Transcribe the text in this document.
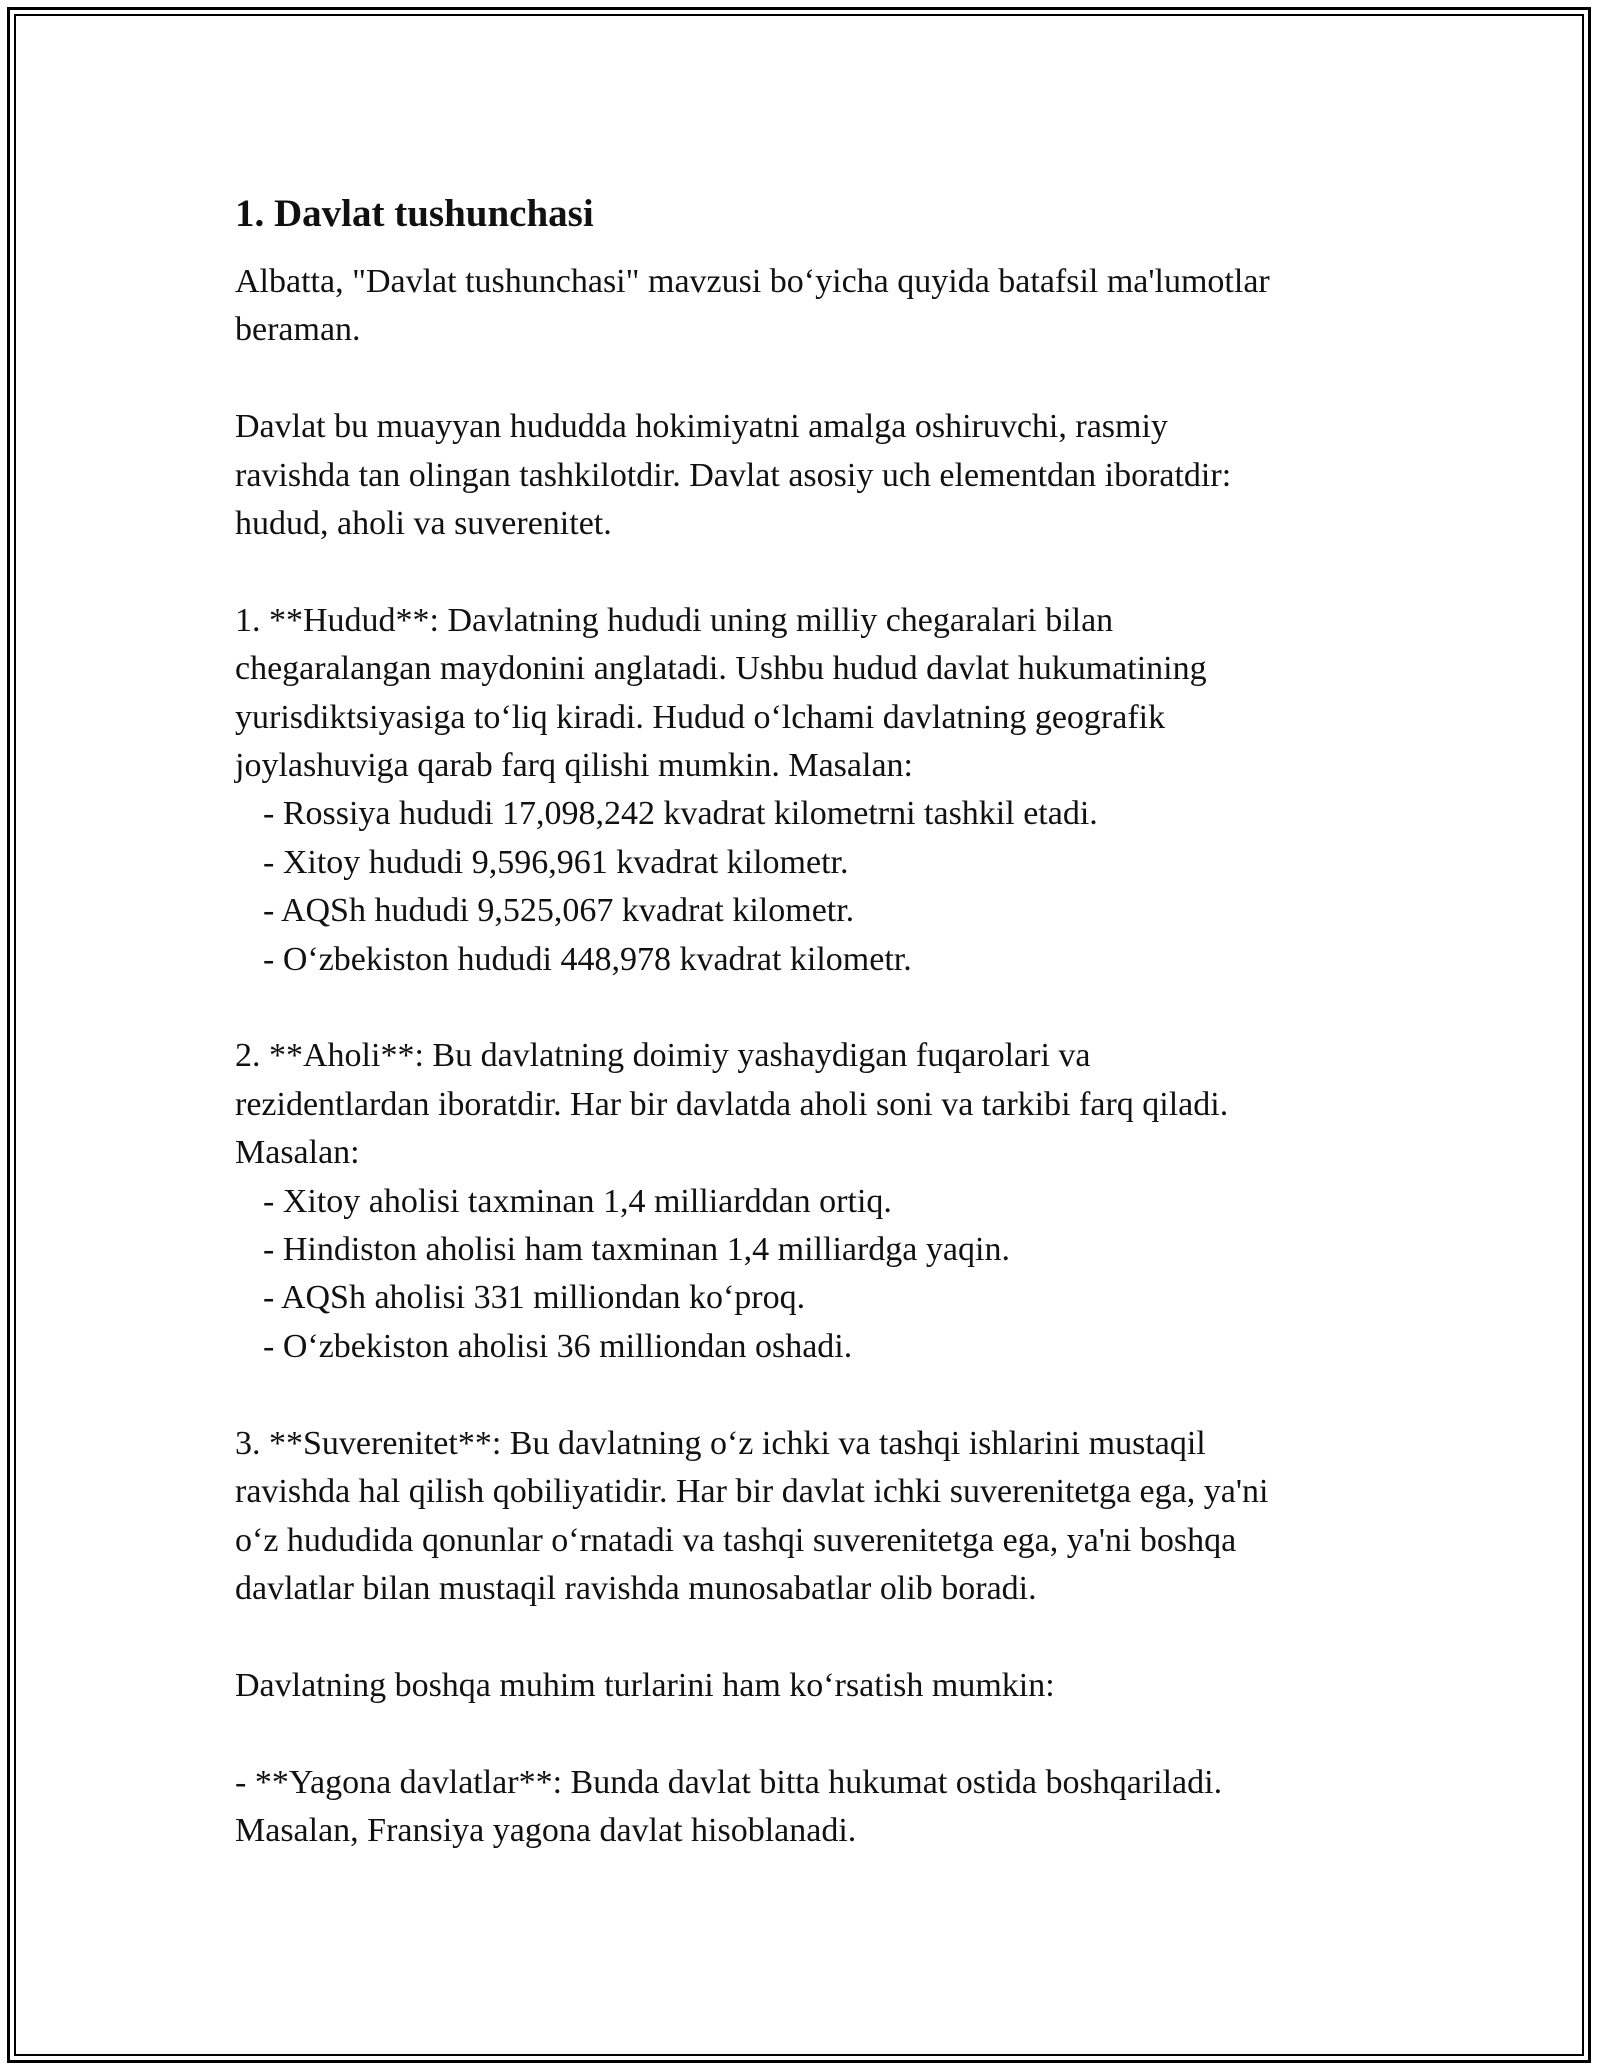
1. Davlat tushunchasi

Albatta, "Davlat tushunchasi" mavzusi bo‘yicha quyida batafsil ma'lumotlar

beraman.

Davlat bu muayyan hududda hokimiyatni amalga oshiruvchi, rasmiy

ravishda tan olingan tashkilotdir. Davlat asosiy uch elementdan iboratdir:

hudud, aholi va suverenitet.

1. **Hudud**: Davlatning hududi uning milliy chegaralari bilan

chegaralangan maydonini anglatadi. Ushbu hudud davlat hukumatining

yurisdiktsiyasiga to‘liq kiradi. Hudud o‘lchami davlatning geografik

joylashuviga qarab farq qilishi mumkin. Masalan:

- Rossiya hududi 17,098,242 kvadrat kilometrni tashkil etadi.

- Xitoy hududi 9,596,961 kvadrat kilometr.

- AQSh hududi 9,525,067 kvadrat kilometr.

- O‘zbekiston hududi 448,978 kvadrat kilometr.

2. **Aholi**: Bu davlatning doimiy yashaydigan fuqarolari va

rezidentlardan iboratdir. Har bir davlatda aholi soni va tarkibi farq qiladi.

Masalan:

- Xitoy aholisi taxminan 1,4 milliarddan ortiq.

- Hindiston aholisi ham taxminan 1,4 milliardga yaqin.

- AQSh aholisi 331 milliondan ko‘proq.

- O‘zbekiston aholisi 36 milliondan oshadi.

3. **Suverenitet**: Bu davlatning o‘z ichki va tashqi ishlarini mustaqil

ravishda hal qilish qobiliyatidir. Har bir davlat ichki suverenitetga ega, ya'ni

o‘z hududida qonunlar o‘rnatadi va tashqi suverenitetga ega, ya'ni boshqa

davlatlar bilan mustaqil ravishda munosabatlar olib boradi.

Davlatning boshqa muhim turlarini ham ko‘rsatish mumkin:

- **Yagona davlatlar**: Bunda davlat bitta hukumat ostida boshqariladi.

Masalan, Fransiya yagona davlat hisoblanadi.
